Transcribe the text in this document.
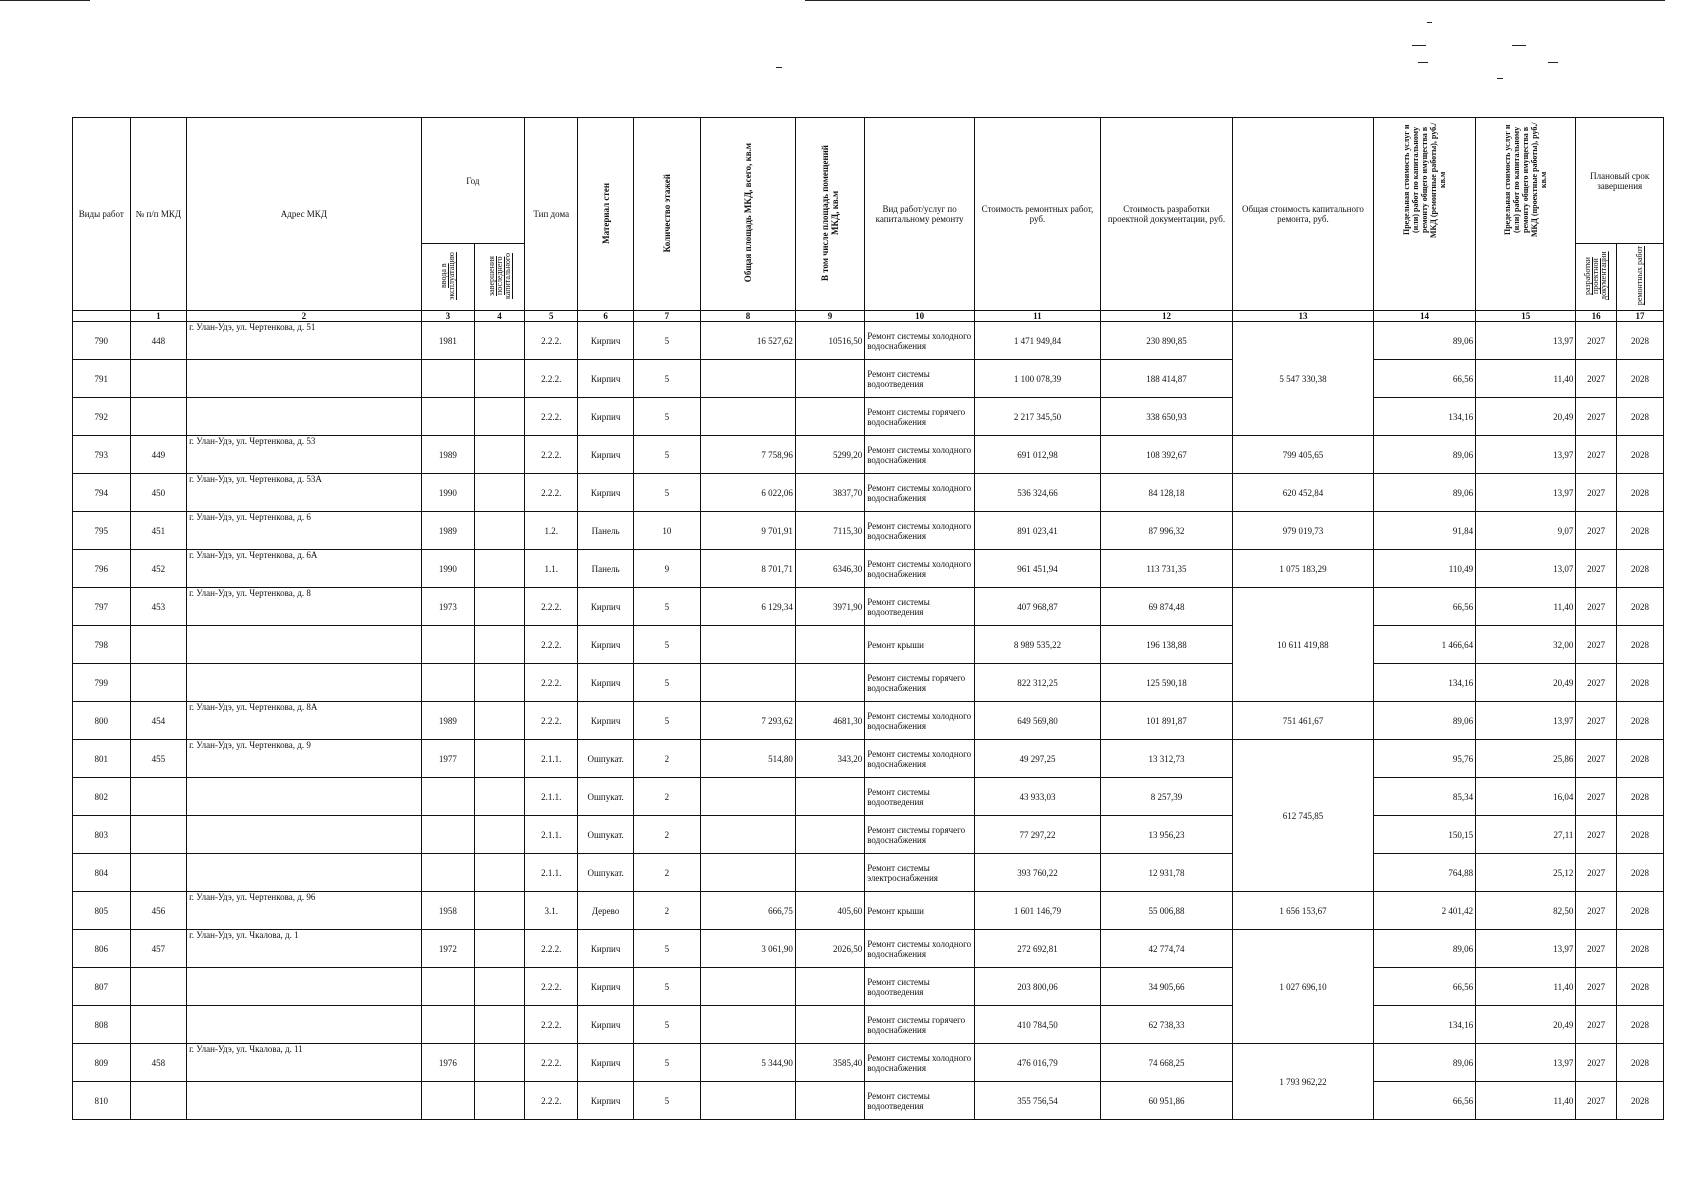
Виды работ	№ п/п МКД	Адрес МКД	Год		Тип дома	Материал стен	Количество этажей	Общая площадь МКД, всего, кв.м	В том числе площадь помещений МКД, кв.м	Вид работ/услуг по капитальному ремонту	Стоимость ремонтных работ, руб.	Стоимость разработки проектной документации, руб.	Общая стоимость капитального ремонта, руб.	Предельная стоимость услуг и (или) работ по капитальному ремонту общего имущества в МКД (ремонтные работы), руб./кв.м	Предельная стоимость услуг и (или) работ по капитальному ремонту общего имущества в МКД (проектные работы), руб./кв.м	Плановый срок завершения	
			ввода в эксплуатацию	завершения последнего капитального												разработки проектной документации	ремонтных работ
	1	2	3	4	5	6	7	8	9	10	11	12	13	14	15	16	17
790	448	г. Улан-Удэ, ул. Чертенкова, д. 51	1981		2.2.2.	Кирпич	5	16 527,62	10516,50	Ремонт системы холодного водоснабжения	1 471 949,84	230 890,85	5 547 330,38	89,06	13,97	2027	2028
791					2.2.2.	Кирпич	5			Ремонт системы водоотведения	1 100 078,39	188 414,87		66,56	11,40	2027	2028
792					2.2.2.	Кирпич	5			Ремонт системы горячего водоснабжения	2 217 345,50	338 650,93		134,16	20,49	2027	2028
793	449	г. Улан-Удэ, ул. Чертенкова, д. 53	1989		2.2.2.	Кирпич	5	7 758,96	5299,20	Ремонт системы холодного водоснабжения	691 012,98	108 392,67	799 405,65	89,06	13,97	2027	2028
794	450	г. Улан-Удэ, ул. Чертенкова, д. 53А	1990		2.2.2.	Кирпич	5	6 022,06	3837,70	Ремонт системы холодного водоснабжения	536 324,66	84 128,18	620 452,84	89,06	13,97	2027	2028
795	451	г. Улан-Удэ, ул. Чертенкова, д. 6	1989		1.2.	Панель	10	9 701,91	7115,30	Ремонт системы холодного водоснабжения	891 023,41	87 996,32	979 019,73	91,84	9,07	2027	2028
796	452	г. Улан-Удэ, ул. Чертенкова, д. 6А	1990		1.1.	Панель	9	8 701,71	6346,30	Ремонт системы холодного водоснабжения	961 451,94	113 731,35	1 075 183,29	110,49	13,07	2027	2028
797	453	г. Улан-Удэ, ул. Чертенкова, д. 8	1973		2.2.2.	Кирпич	5	6 129,34	3971,90	Ремонт системы водоотведения	407 968,87	69 874,48	10 611 419,88	66,56	11,40	2027	2028
798					2.2.2.	Кирпич	5			Ремонт крыши	8 989 535,22	196 138,88		1 466,64	32,00	2027	2028
799					2.2.2.	Кирпич	5			Ремонт системы горячего водоснабжения	822 312,25	125 590,18		134,16	20,49	2027	2028
800	454	г. Улан-Удэ, ул. Чертенкова, д. 8А	1989		2.2.2.	Кирпич	5	7 293,62	4681,30	Ремонт системы холодного водоснабжения	649 569,80	101 891,87	751 461,67	89,06	13,97	2027	2028
801	455	г. Улан-Удэ, ул. Чертенкова, д. 9	1977		2.1.1.	Ошпукат.	2	514,80	343,20	Ремонт системы холодного водоснабжения	49 297,25	13 312,73	612 745,85	95,76	25,86	2027	2028
802					2.1.1.	Ошпукат.	2			Ремонт системы водоотведения	43 933,03	8 257,39		85,34	16,04	2027	2028
803					2.1.1.	Ошпукат.	2			Ремонт системы горячего водоснабжения	77 297,22	13 956,23		150,15	27,11	2027	2028
804					2.1.1.	Ошпукат.	2			Ремонт системы электроснабжения	393 760,22	12 931,78		764,88	25,12	2027	2028
805	456	г. Улан-Удэ, ул. Чертенкова, д. 96	1958		3.1.	Дерево	2	666,75	405,60	Ремонт крыши	1 601 146,79	55 006,88	1 656 153,67	2 401,42	82,50	2027	2028
806	457	г. Улан-Удэ, ул. Чкалова, д. 1	1972		2.2.2.	Кирпич	5	3 061,90	2026,50	Ремонт системы холодного водоснабжения	272 692,81	42 774,74	1 027 696,10	89,06	13,97	2027	2028
807					2.2.2.	Кирпич	5			Ремонт системы водоотведения	203 800,06	34 905,66		66,56	11,40	2027	2028
808					2.2.2.	Кирпич	5			Ремонт системы горячего водоснабжения	410 784,50	62 738,33		134,16	20,49	2027	2028
809	458	г. Улан-Удэ, ул. Чкалова, д. 11	1976		2.2.2.	Кирпич	5	5 344,90	3585,40	Ремонт системы холодного водоснабжения	476 016,79	74 668,25	1 793 962,22	89,06	13,97	2027	2028
810					2.2.2.	Кирпич	5			Ремонт системы водоотведения	355 756,54	60 951,86		66,56	11,40	2027	2028
